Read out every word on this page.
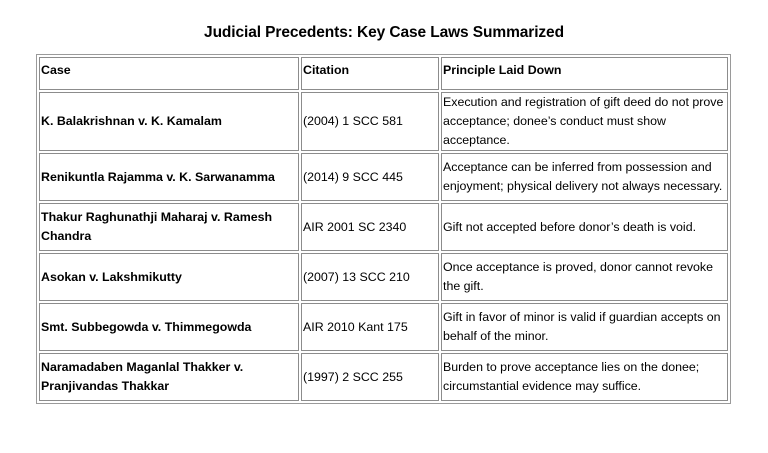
Judicial Precedents: Key Case Laws Summarized
Case	Citation	Principle Laid Down
K. Balakrishnan v. K. Kamalam	(2004) 1 SCC 581	Execution and registration of gift deed do not prove acceptance; donee’s conduct must show acceptance.
Renikuntla Rajamma v. K. Sarwanamma	(2014) 9 SCC 445	Acceptance can be inferred from possession and enjoyment; physical delivery not always necessary.
Thakur Raghunathji Maharaj v. Ramesh Chandra	AIR 2001 SC 2340	Gift not accepted before donor’s death is void.
Asokan v. Lakshmikutty	(2007) 13 SCC 210	Once acceptance is proved, donor cannot revoke the gift.
Smt. Subbegowda v. Thimmegowda	AIR 2010 Kant 175	Gift in favor of minor is valid if guardian accepts on behalf of the minor.
Naramadaben Maganlal Thakker v. Pranjivandas Thakkar	(1997) 2 SCC 255	Burden to prove acceptance lies on the donee; circumstantial evidence may suffice.
